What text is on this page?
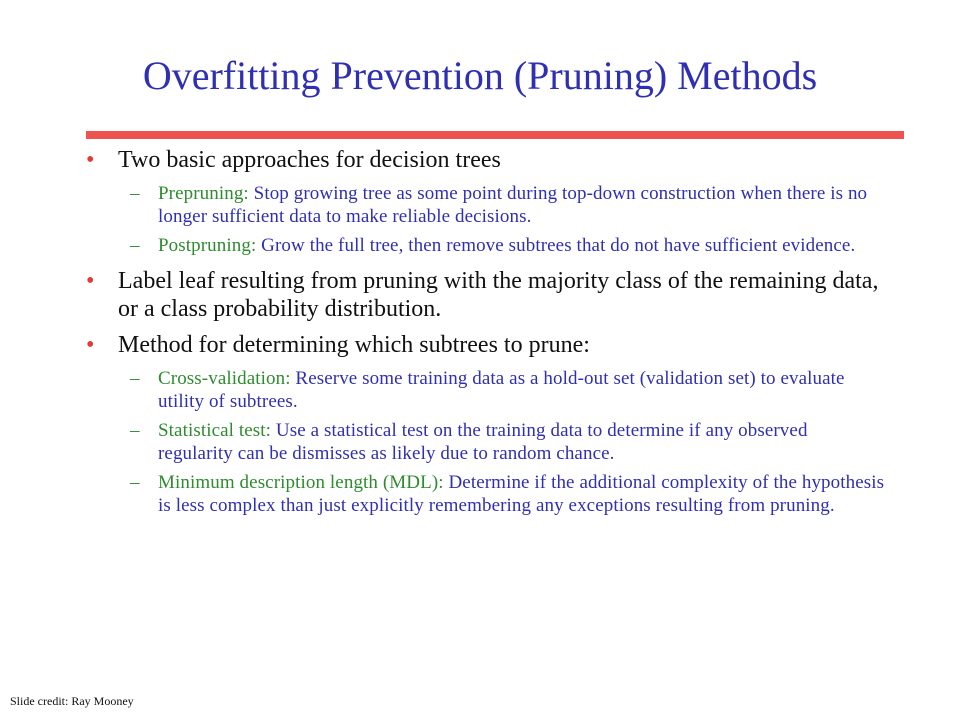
Overfitting Prevention (Pruning) Methods
• Two basic approaches for decision trees
– Prepruning: Stop growing tree as some point during top-down construction when there is no longer sufficient data to make reliable decisions.
– Postpruning: Grow the full tree, then remove subtrees that do not have sufficient evidence.
• Label leaf resulting from pruning with the majority class of the remaining data, or a class probability distribution.
• Method for determining which subtrees to prune:
– Cross-validation: Reserve some training data as a hold-out set (validation set) to evaluate utility of subtrees.
– Statistical test: Use a statistical test on the training data to determine if any observed regularity can be dismisses as likely due to random chance.
– Minimum description length (MDL): Determine if the additional complexity of the hypothesis is less complex than just explicitly remembering any exceptions resulting from pruning.
Slide credit: Ray Mooney
